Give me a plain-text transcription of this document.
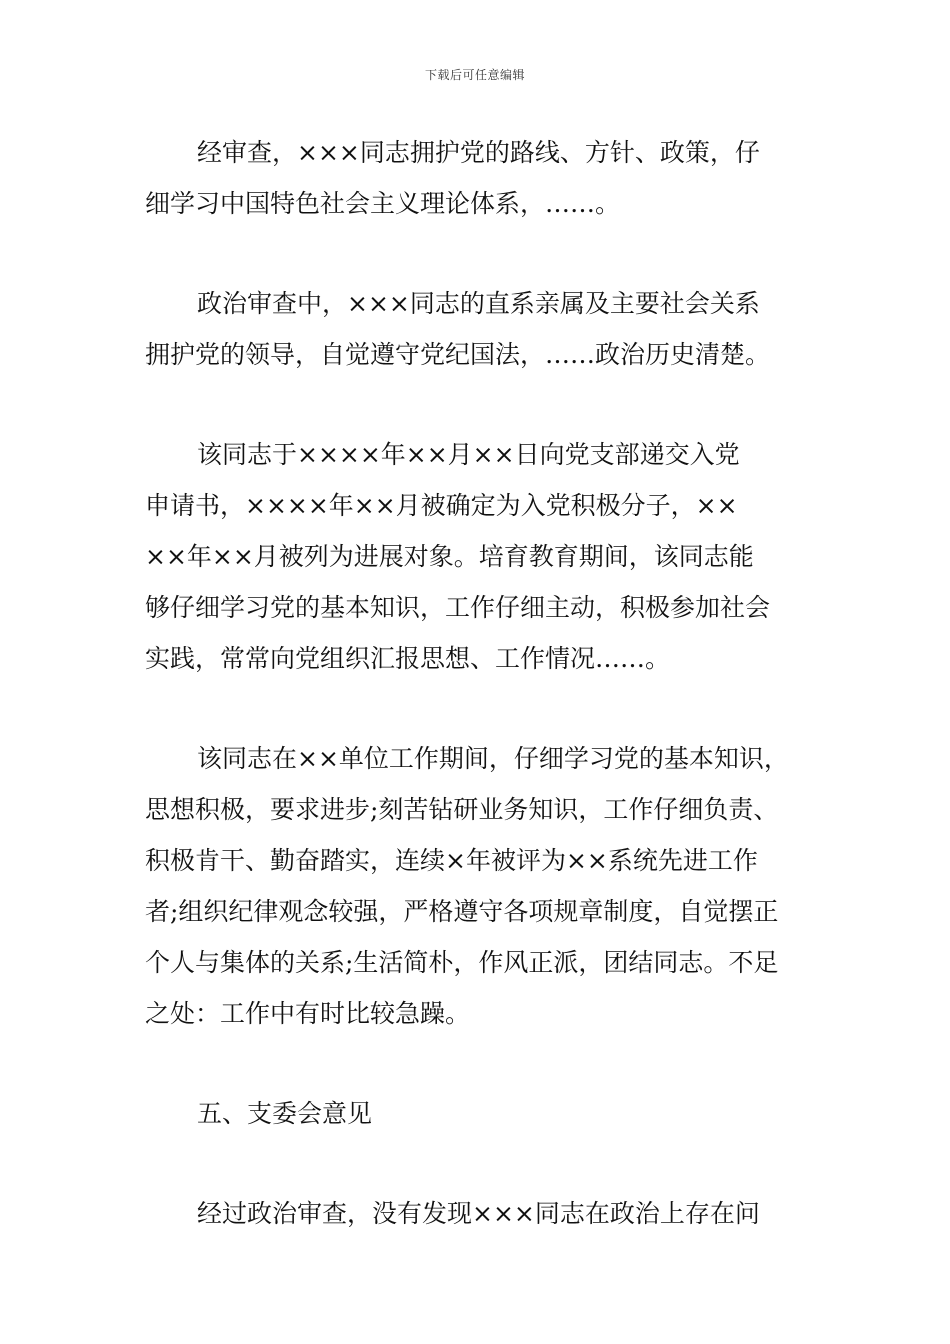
下载后可任意编辑

经审查，×××同志拥护党的路线、方针、政策，仔
细学习中国特色社会主义理论体系，……。

政治审查中，×××同志的直系亲属及主要社会关系
拥护党的领导，自觉遵守党纪国法，……政治历史清楚。

该同志于××××年××月××日向党支部递交入党
申请书，××××年××月被确定为入党积极分子，××
××年××月被列为进展对象。培育教育期间，该同志能
够仔细学习党的基本知识，工作仔细主动，积极参加社会
实践，常常向党组织汇报思想、工作情况……。

该同志在××单位工作期间，仔细学习党的基本知识，
思想积极，要求进步;刻苦钻研业务知识，工作仔细负责、
积极肯干、勤奋踏实，连续×年被评为××系统先进工作
者;组织纪律观念较强，严格遵守各项规章制度，自觉摆正
个人与集体的关系;生活简朴，作风正派，团结同志。不足
之处：工作中有时比较急躁。

五、支委会意见

经过政治审查，没有发现×××同志在政治上存在问
